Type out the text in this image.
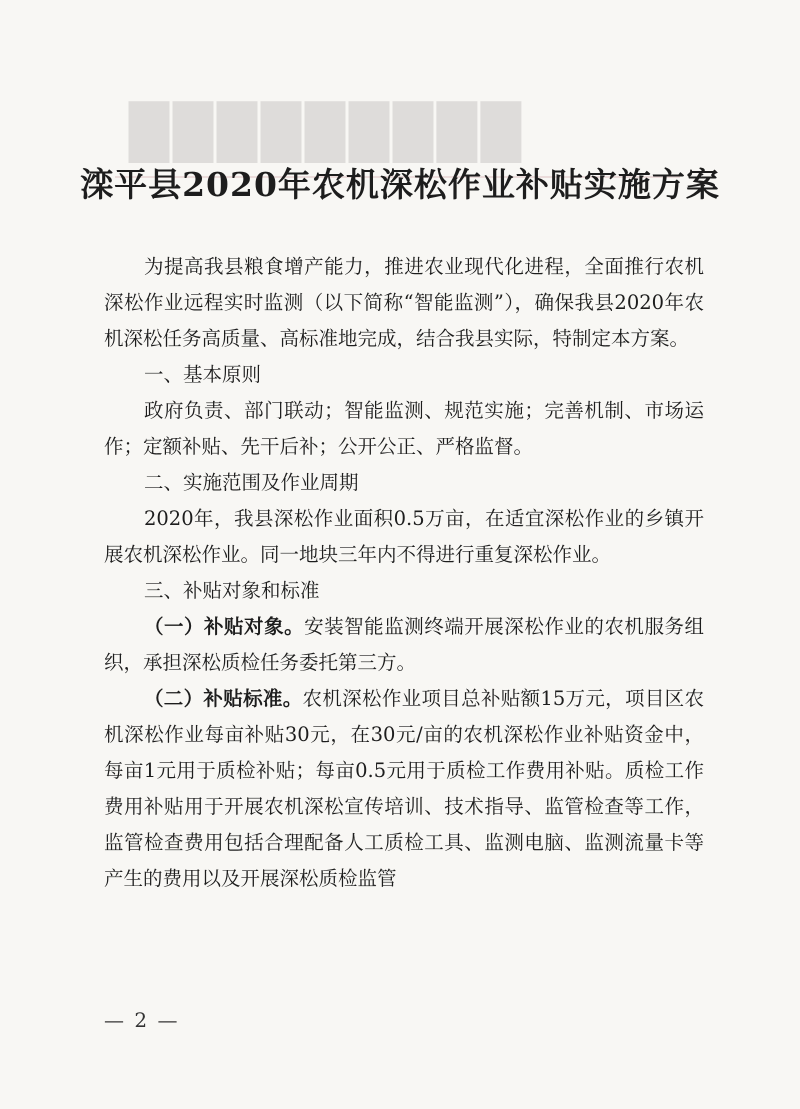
█████████
滦平县2020年农机深松作业补贴实施方案

为提高我县粮食增产能力，推进农业现代化进程，全面推行农机深松作业远程实时监测（以下简称“智能监测”），确保我县2020年农机深松任务高质量、高标准地完成，结合我县实际，特制定本方案。

一、基本原则

政府负责、部门联动；智能监测、规范实施；完善机制、市场运作；定额补贴、先干后补；公开公正、严格监督。

二、实施范围及作业周期

2020年，我县深松作业面积0.5万亩，在适宜深松作业的乡镇开展农机深松作业。同一地块三年内不得进行重复深松作业。

三、补贴对象和标准

（一）补贴对象。安装智能监测终端开展深松作业的农机服务组织，承担深松质检任务委托第三方。

（二）补贴标准。农机深松作业项目总补贴额15万元，项目区农机深松作业每亩补贴30元，在30元/亩的农机深松作业补贴资金中，每亩1元用于质检补贴；每亩0.5元用于质检工作费用补贴。质检工作费用补贴用于开展农机深松宣传培训、技术指导、监管检查等工作，监管检查费用包括合理配备人工质检工具、监测电脑、监测流量卡等产生的费用以及开展深松质检监管

— 2 —
